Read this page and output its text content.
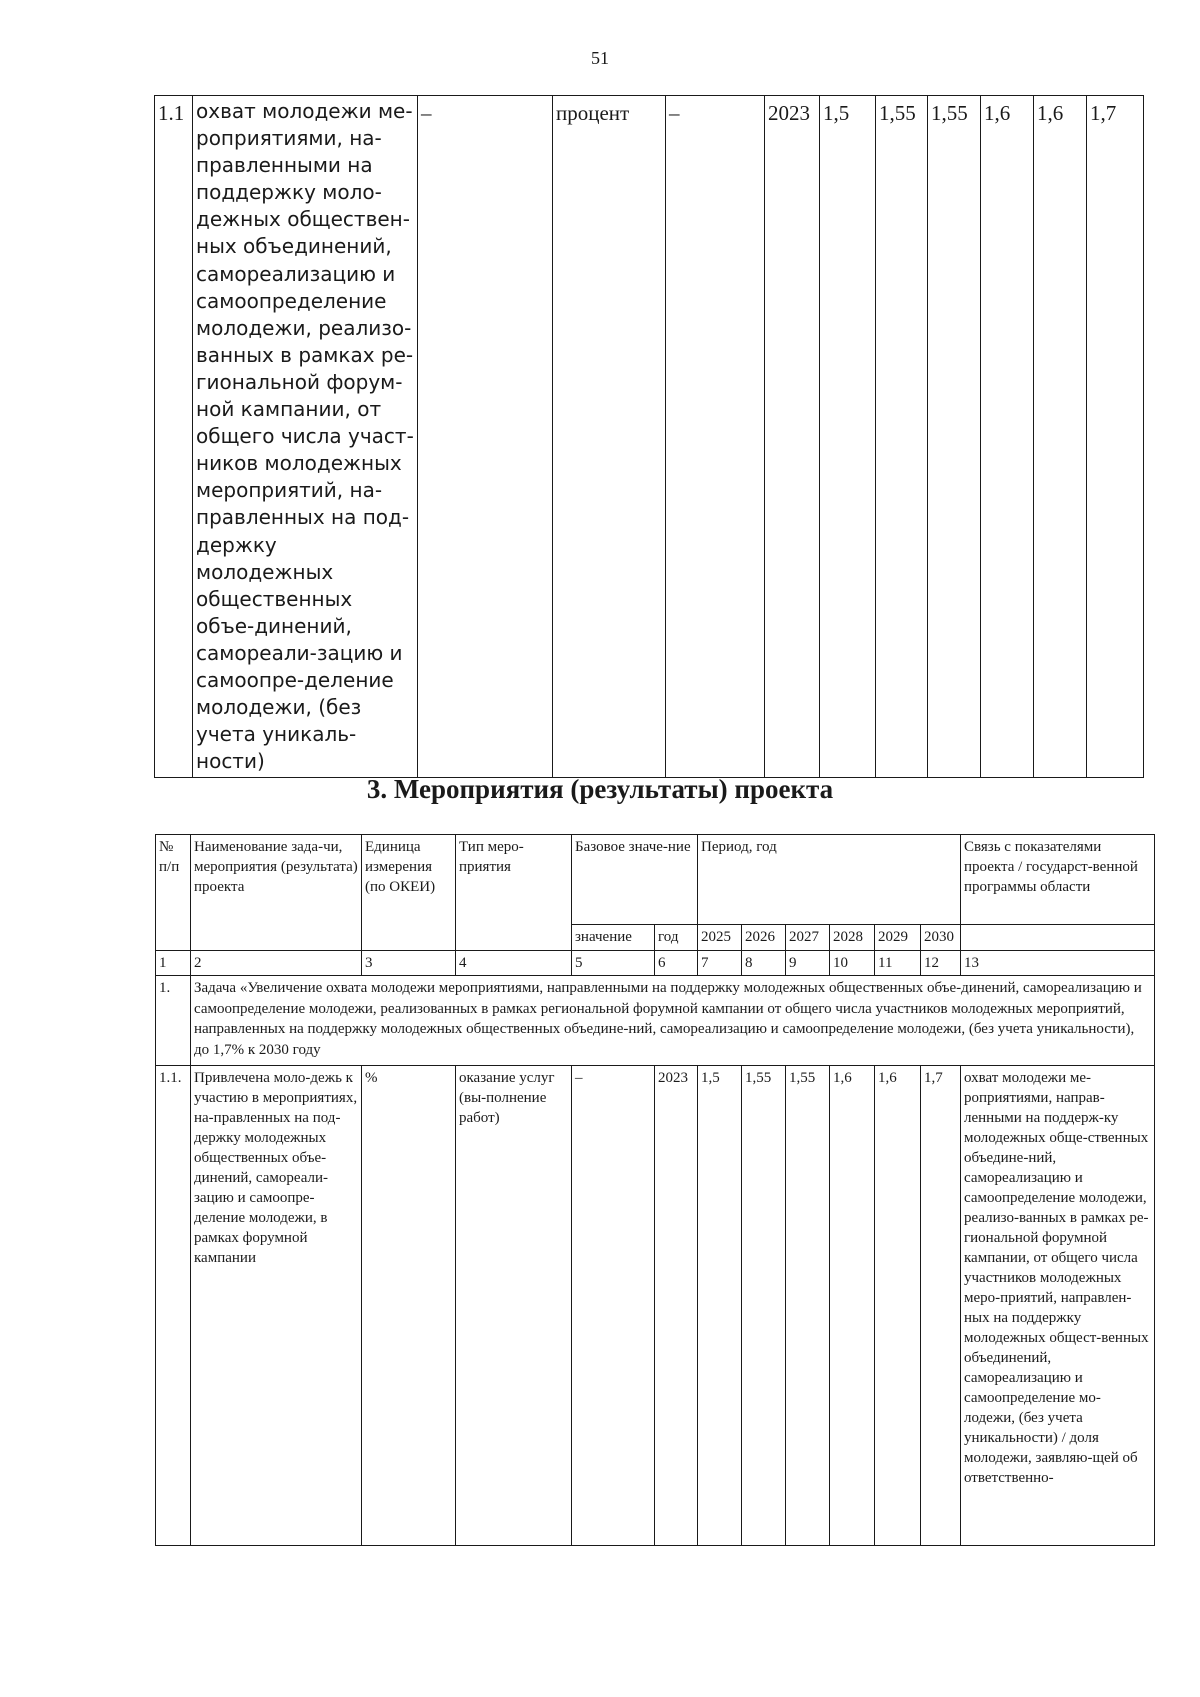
51
1.1	охват молодежи ме-роприятиями, на-правленными на поддержку моло-дежных обществен-ных объединений, самореализацию и самоопределение молодежи, реализо-ванных в рамках ре-гиональной форум-ной кампании, от общего числа участ-ников молодежных мероприятий, на-правленных на под-держку молодежных общественных объе-динений, самореали-зацию и самоопре-деление молодежи, (без учета уникаль-ности)	–	процент	–	2023	1,5	1,55	1,55	1,6	1,6	1,7	
3. Мероприятия (результаты) проекта
№ п/п	Наименование зада-чи, мероприятия (результата) проекта	Единица измерения (по ОКЕИ)	Тип меро-приятия	Базовое значе-ние		Период, год						Связь с показателями проекта / государст-венной программы области
				значение	год	2025	2026	2027	2028	2029	2030	
1	2	3	4	5	6	7	8	9	10	11	12	13
1.	Задача «Увеличение охвата молодежи мероприятиями, направленными на поддержку молодежных общественных объе-динений, самореализацию и самоопределение молодежи, реализованных в рамках региональной форумной кампании от общего числа участников молодежных мероприятий, направленных на поддержку молодежных общественных объедине-ний, самореализацию и самоопределение молодежи, (без учета уникальности), до 1,7% к 2030 году											
1.1.	Привлечена моло-дежь к участию в мероприятиях, на-правленных на под-держку молодежных общественных объе-динений, самореали-зацию и самоопре-деление молодежи, в рамках форумной кампании	%	оказание услуг (вы-полнение работ)	–	2023	1,5	1,55	1,55	1,6	1,6	1,7	охват молодежи ме-роприятиями, направ-ленными на поддерж-ку молодежных обще-ственных объедине-ний, самореализацию и самоопределение молодежи, реализо-ванных в рамках ре-гиональной форумной кампании, от общего числа участников молодежных меро-приятий, направлен-ных на поддержку молодежных общест-венных объединений, самореализацию и самоопределение мо-лодежи, (без учета уникальности) / доля молодежи, заявляю-щей об ответственно-
